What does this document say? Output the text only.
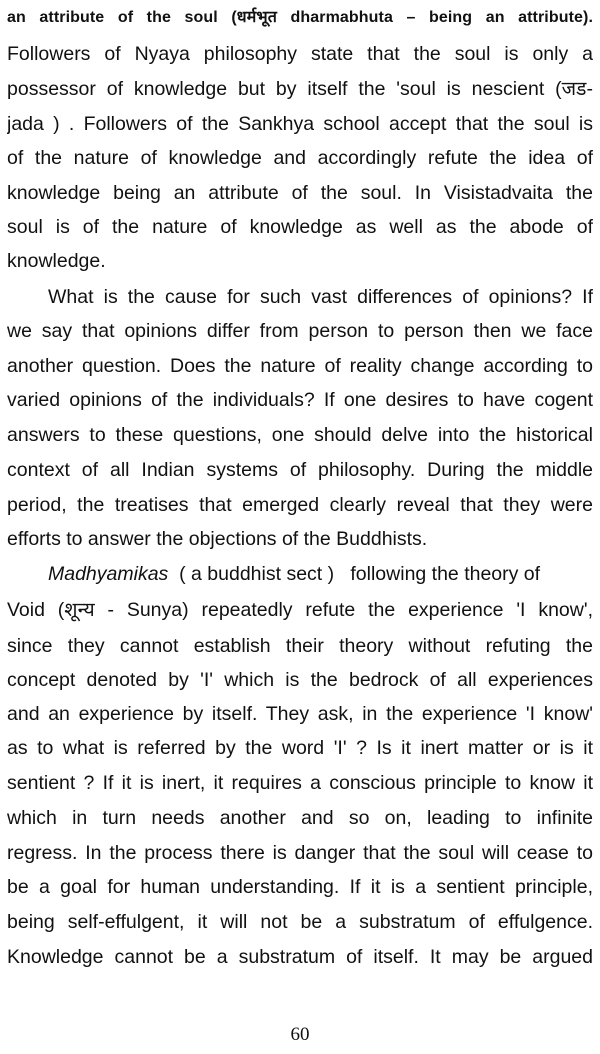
an attribute of the soul (धर्मभूत dharmabhuta – being an attribute).
Followers of Nyaya philosophy state that the soul is only a
possessor of knowledge but by itself the 'soul is nescient (जड-
jada ) . Followers of the Sankhya school accept that the soul is
of the nature of knowledge and accordingly refute the idea of
knowledge being an attribute of the soul. In Visistadvaita the
soul is of the nature of knowledge as well as the abode of
knowledge.
What is the cause for such vast differences of opinions? If
we say that opinions differ from person to person then we face
another question. Does the nature of reality change according to
varied opinions of the individuals? If one desires to have cogent
answers to these questions, one should delve into the historical
context of all Indian systems of philosophy. During the middle
period, the treatises that emerged clearly reveal that they were
efforts to answer the objections of the Buddhists.
Madhyamikas  ( a buddhist sect )   following the theory of
Void (शून्य - Sunya) repeatedly refute the experience 'I know',
since they cannot establish their theory without refuting the
concept denoted by 'I' which is the bedrock of all experiences
and an experience by itself. They ask, in the experience 'I know'
as to what is referred by the word 'I' ? Is it inert matter or is it
sentient ? If it is inert, it requires a conscious principle to know it
which in turn needs another and so on, leading to infinite
regress. In the process there is danger that the soul will cease to
be a goal for human understanding. If it is a sentient principle,
being self-effulgent, it will not be a substratum of effulgence.
Knowledge cannot be a substratum of itself. It may be argued
60
